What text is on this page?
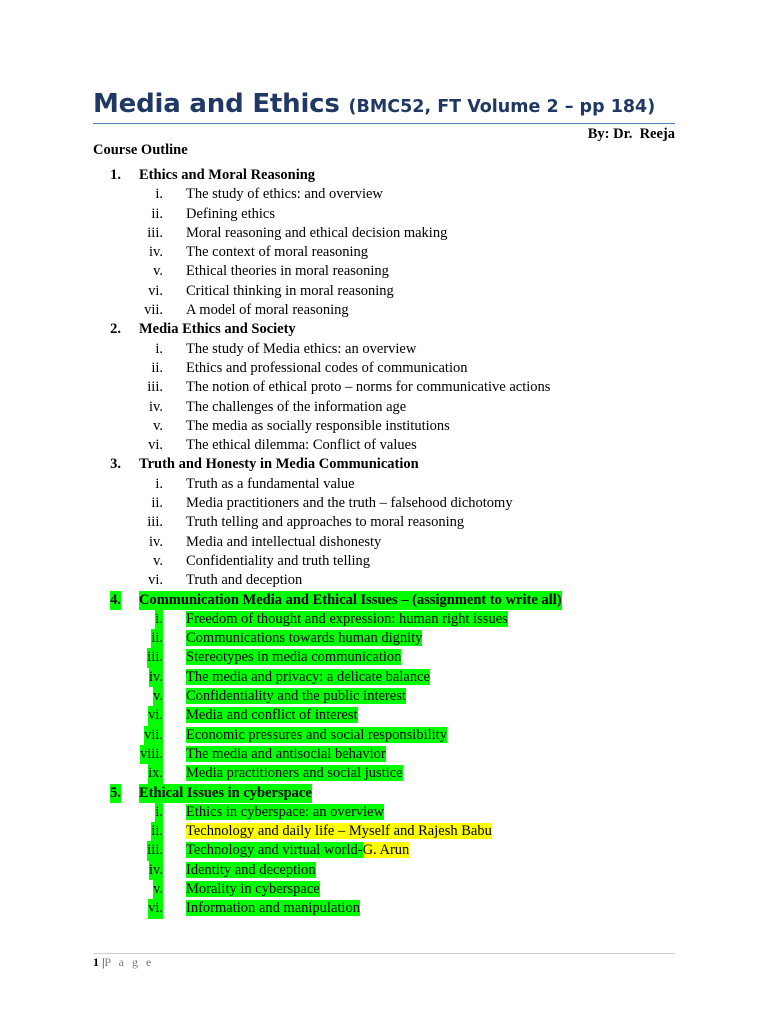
Media and Ethics (BMC52, FT Volume 2 – pp 184)
By: Dr.  Reeja
Course Outline
1. Ethics and Moral Reasoning
i. The study of ethics: and overview
ii. Defining ethics
iii. Moral reasoning and ethical decision making
iv. The context of moral reasoning
v. Ethical theories in moral reasoning
vi. Critical thinking in moral reasoning
vii. A model of moral reasoning
2. Media Ethics and Society
i. The study of Media ethics: an overview
ii. Ethics and professional codes of communication
iii. The notion of ethical proto – norms for communicative actions
iv. The challenges of the information age
v. The media as socially responsible institutions
vi. The ethical dilemma: Conflict of values
3. Truth and Honesty in Media Communication
i. Truth as a fundamental value
ii. Media practitioners and the truth – falsehood dichotomy
iii. Truth telling and approaches to moral reasoning
iv. Media and intellectual dishonesty
v. Confidentiality and truth telling
vi. Truth and deception
4. Communication Media and Ethical Issues – (assignment to write all)
i. Freedom of thought and expression: human right issues
ii. Communications towards human dignity
iii. Stereotypes in media communication
iv. The media and privacy: a delicate balance
v. Confidentiality and the public interest
vi. Media and conflict of interest
vii. Economic pressures and social responsibility
viii. The media and antisocial behavior
ix. Media practitioners and social justice
5. Ethical Issues in cyberspace
i. Ethics in cyberspace: an overview
ii. Technology and daily life – Myself and Rajesh Babu
iii. Technology and virtual world-G. Arun
iv. Identity and deception
v. Morality in cyberspace
vi. Information and manipulation
1 |P a g e
